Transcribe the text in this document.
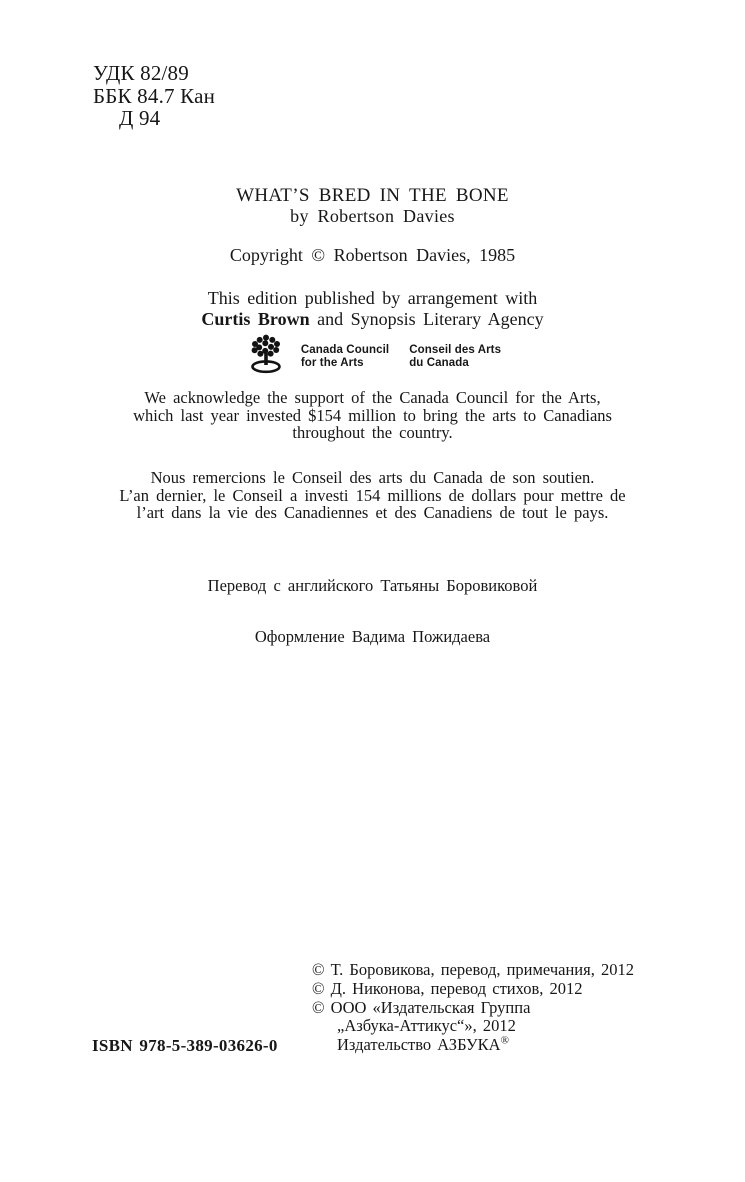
УДК 82/89
ББК 84.7 Кан
Д 94
WHAT’S BRED IN THE BONE
by Robertson Davies
Copyright © Robertson Davies, 1985
This edition published by arrangement with
Curtis Brown and Synopsis Literary Agency
Canada Council
for the Arts
Conseil des Arts
du Canada
We acknowledge the support of the Canada Council for the Arts,
which last year invested $154 million to bring the arts to Canadians
throughout the country.
Nous remercions le Conseil des arts du Canada de son soutien.
L’an dernier, le Conseil a investi 154 millions de dollars pour mettre de
l’art dans la vie des Canadiennes et des Canadiens de tout le pays.
Перевод с английского Татьяны Боровиковой
Оформление Вадима Пожидаева
© Т. Боровикова, перевод, примечания, 2012
© Д. Никонова, перевод стихов, 2012
© ООО «Издательская Группа
„Азбука-Аттикус“», 2012
Издательство АЗБУКА®
ISBN 978-5-389-03626-0
